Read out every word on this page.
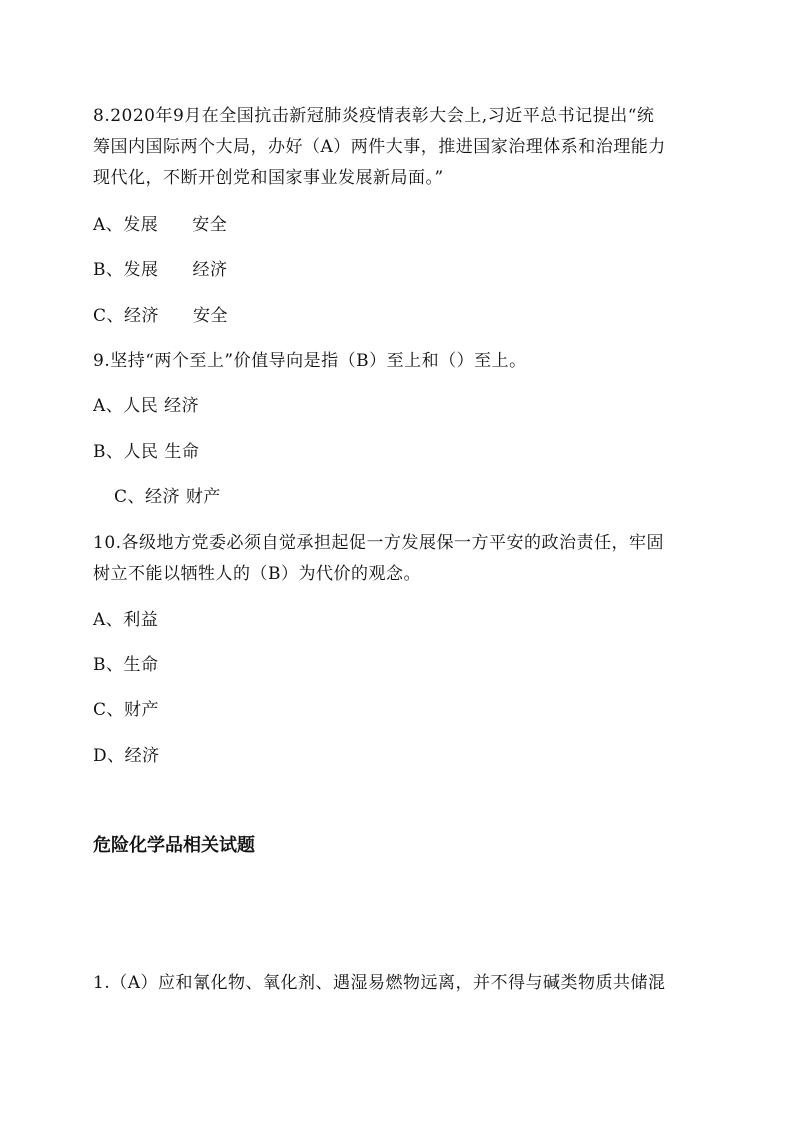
8.2020年9月在全国抗击新冠肺炎疫情表彰大会上,习近平总书记提出“统

筹国内国际两个大局，办好（A）两件大事，推进国家治理体系和治理能力

现代化，不断开创党和国家事业发展新局面。”

A、发展 安全

B、发展 经济

C、经济 安全

9.坚持“两个至上”价值导向是指（B）至上和（）至上。

A、人民 经济

B、人民 生命

C、经济 财产

10.各级地方党委必须自觉承担起促一方发展保一方平安的政治责任，牢固

树立不能以牺牲人的（B）为代价的观念。

A、利益

B、生命

C、财产

D、经济

危险化学品相关试题

1.（A）应和氰化物、氧化剂、遇湿易燃物远离，并不得与碱类物质共储混
